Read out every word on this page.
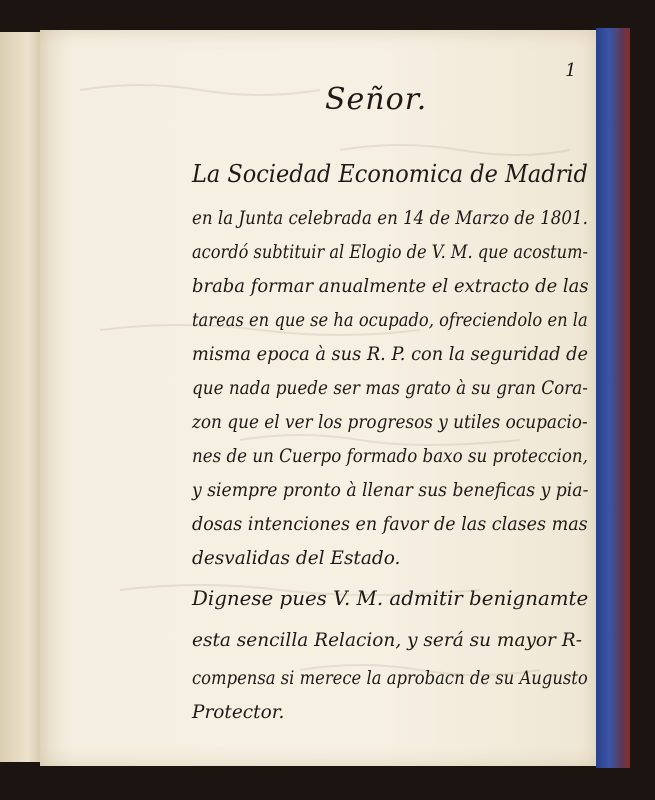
1
Señor.
La Sociedad Economica de Madrid
en la Junta celebrada en 14 de Marzo de 1801.
acordó subtituir al Elogio de V. M. que acostum-
braba formar anualmente el extracto de las
tareas en que se ha ocupado, ofreciendolo en la
misma epoca à sus R. P. con la seguridad de
que nada puede ser mas grato à su gran Cora-
zon que el ver los progresos y utiles ocupacio-
nes de un Cuerpo formado baxo su proteccion,
y siempre pronto à llenar sus beneficas y pia-
dosas intenciones en favor de las clases mas
desvalidas del Estado.
Dignese pues V. M. admitir benignamte
esta sencilla Relacion, y será su mayor R-
compensa si merece la aprobacn de su Augusto
Protector.
